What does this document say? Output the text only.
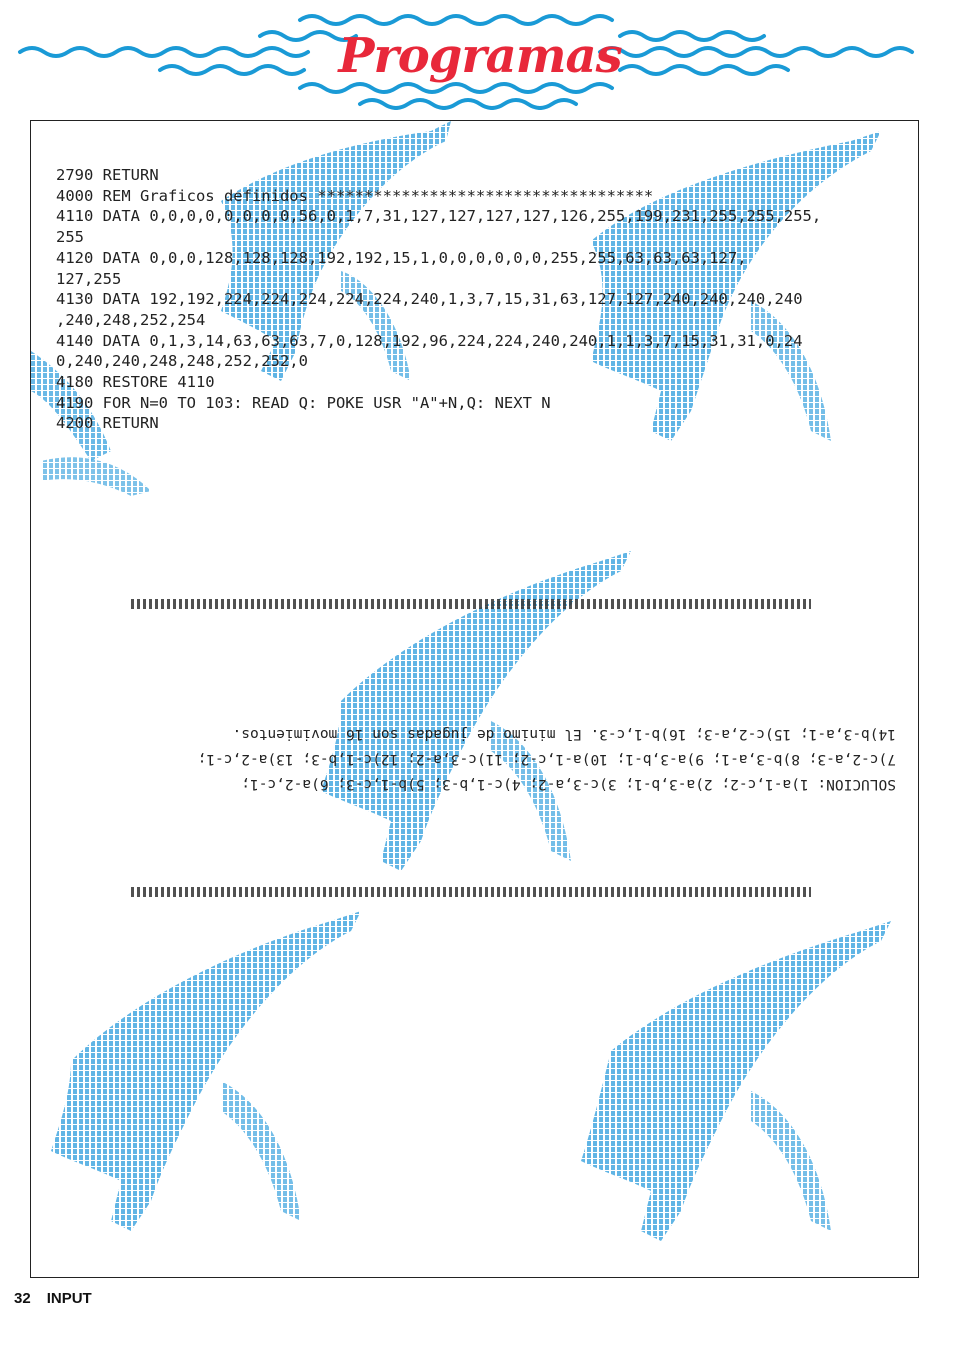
Programas
2790 RETURN
4000 REM Graficos definidos ************************************
4110 DATA 0,0,0,0,0,0,0,0,56,0,1,7,31,127,127,127,127,126,255,199,231,255,255,255,
255
4120 DATA 0,0,0,128,128,128,192,192,15,1,0,0,0,0,0,0,255,255,63,63,63,127,
127,255
4130 DATA 192,192,224,224,224,224,224,240,1,3,7,15,31,63,127,127,240,240,240,240
,240,248,252,254
4140 DATA 0,1,3,14,63,63,63,7,0,128,192,96,224,224,240,240,1,1,3,7,15,31,31,0,24
0,240,240,248,248,252,252,0
4180 RESTORE 4110
4190 FOR N=0 TO 103: READ Q: POKE USR "A"+N,Q: NEXT N
4200 RETURN
SOLUCION: 1)a-1,c-2; 2)a-3,b-1; 3)c-3,a-2; 4)c-1,b-3; 5)b-1,c-3; 6)a-2,c-1;
7)c-2,a-3; 8)b-3,a-1; 9)a-3,b-1; 10)a-1,c-2; 11)c-3,a-2; 12)c-1,b-3; 13)a-2,c-1;
14)b-3,a-1; 15)c-2,a-3; 16)b-1,c-3. El minimo de jugadas son 16 movimientos.
32 INPUT
